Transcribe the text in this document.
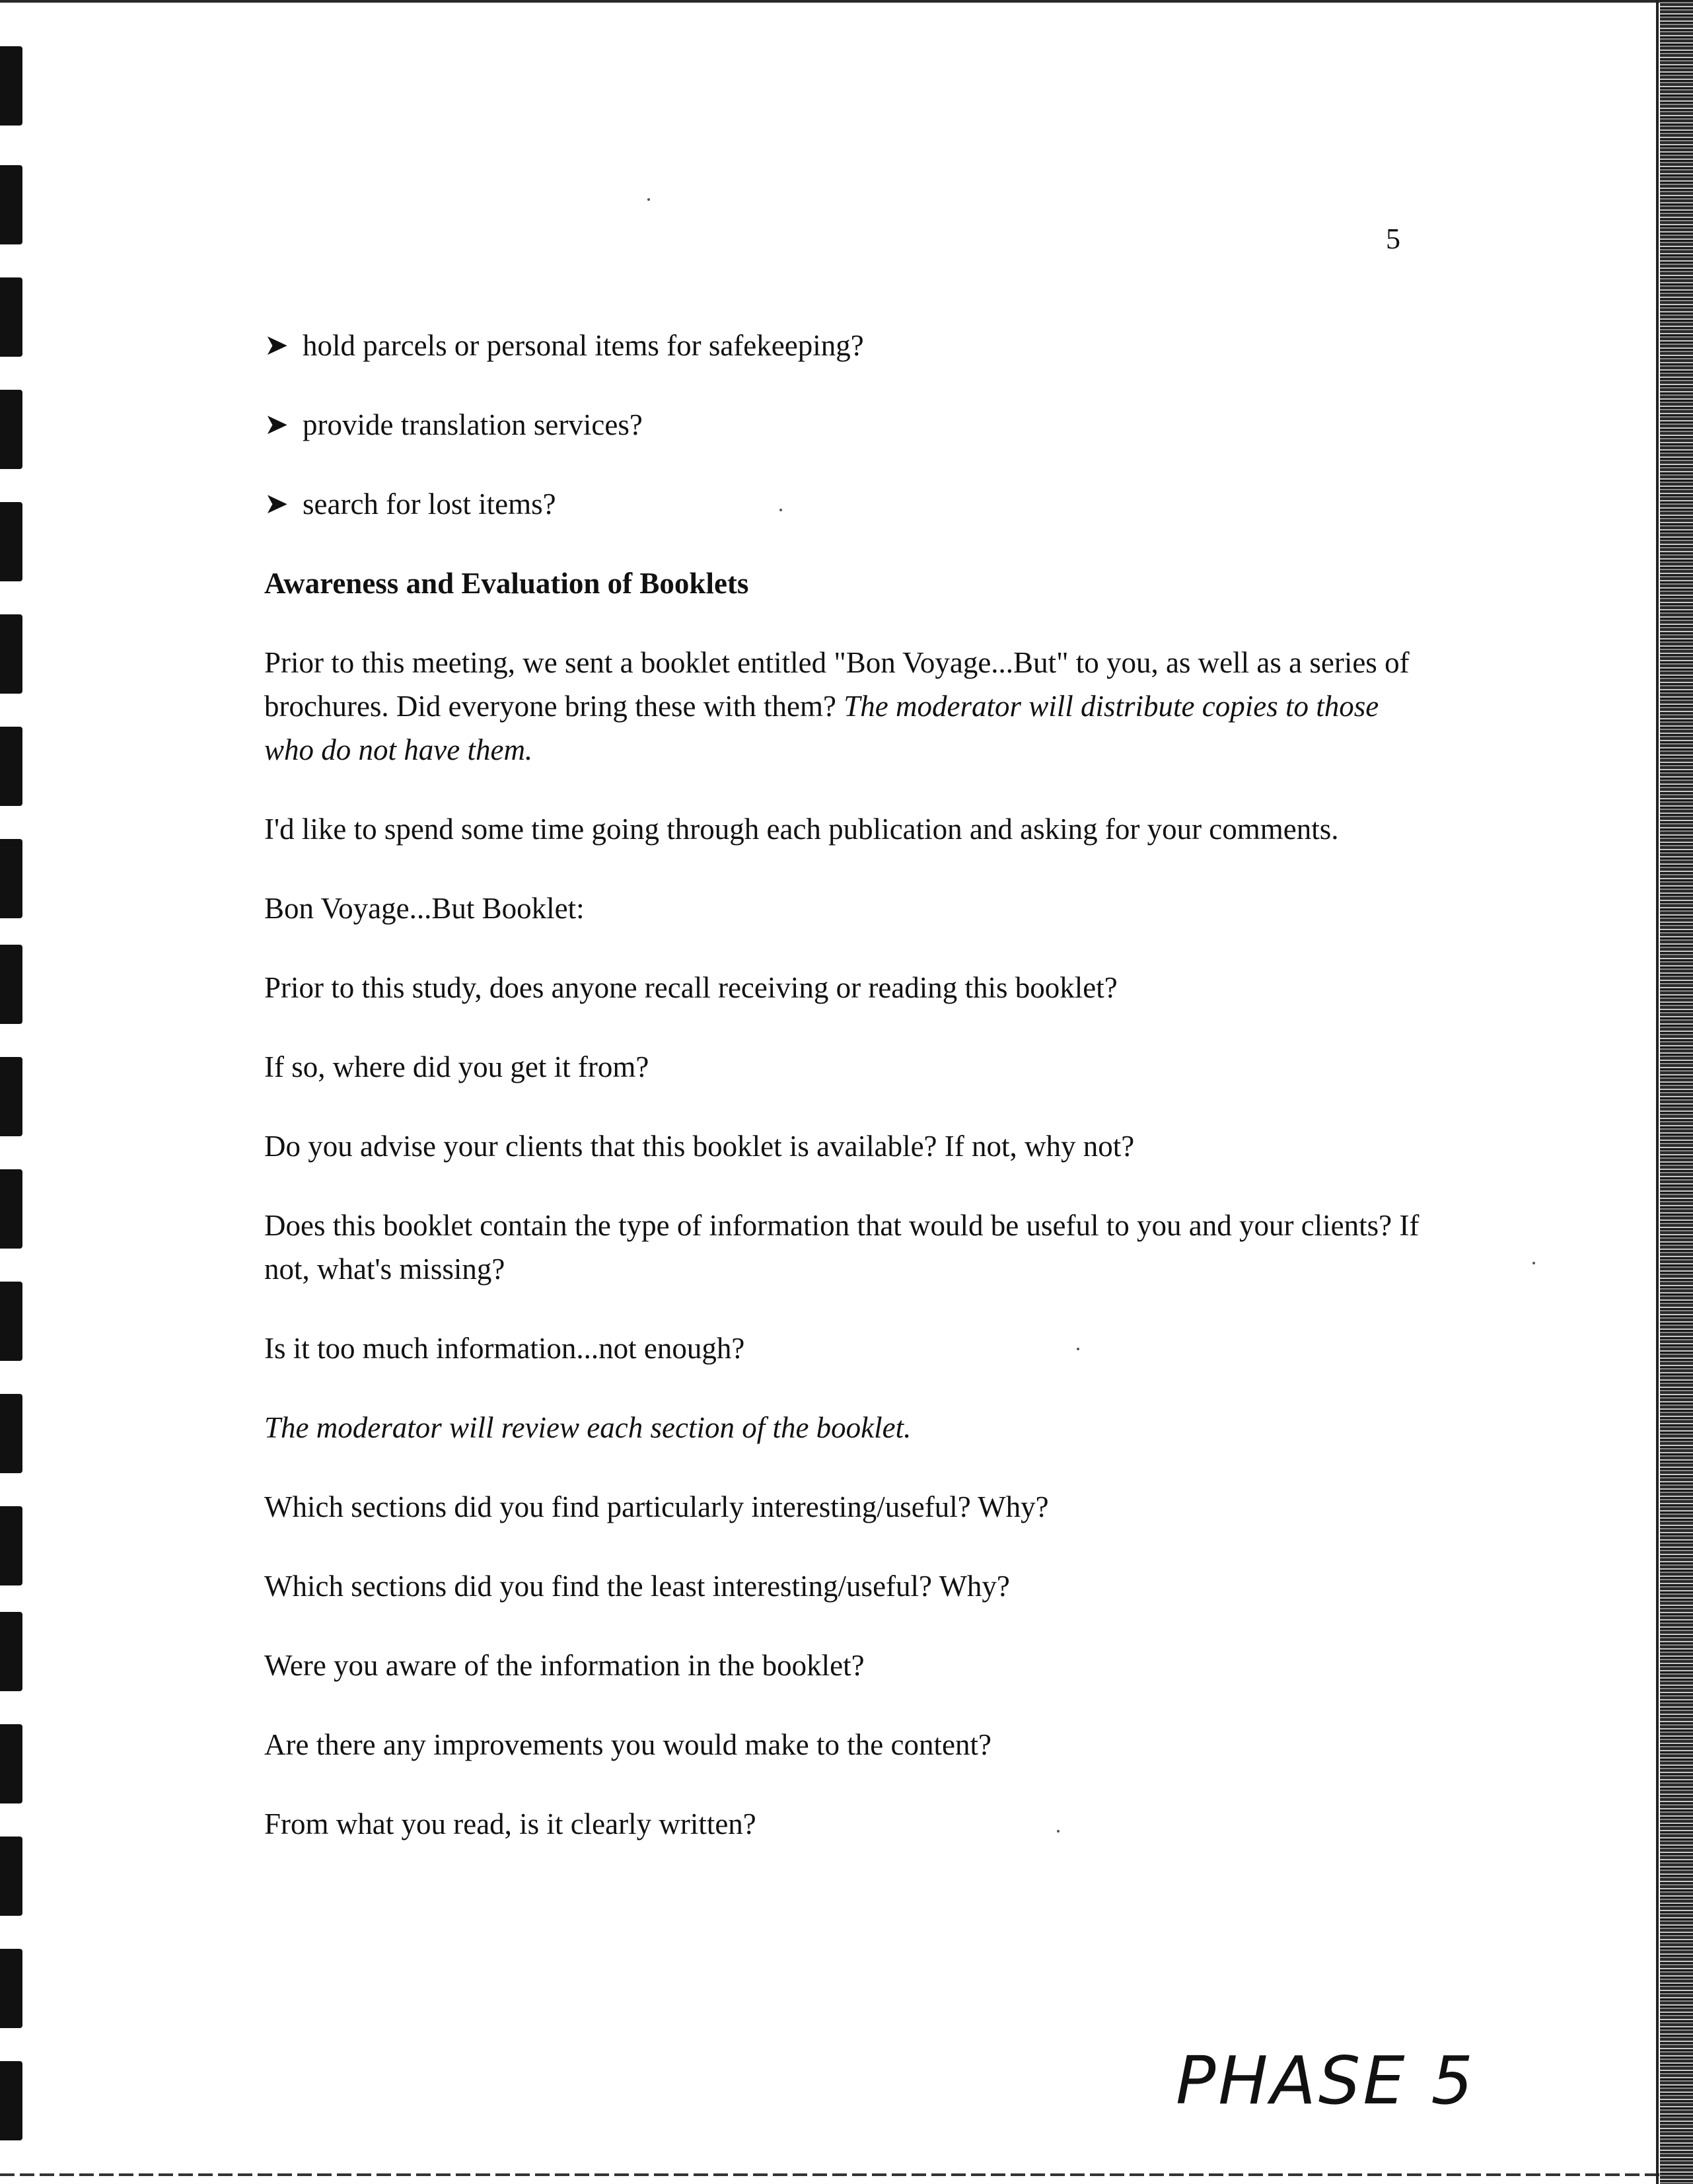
5
➤ hold parcels or personal items for safekeeping?
➤ provide translation services?
➤ search for lost items?
Awareness and Evaluation of Booklets

Prior to this meeting, we sent a booklet entitled "Bon Voyage...But" to you, as well as a series of brochures. Did everyone bring these with them? The moderator will distribute copies to those who do not have them.

I'd like to spend some time going through each publication and asking for your comments.

Bon Voyage...But Booklet:

Prior to this study, does anyone recall receiving or reading this booklet?

If so, where did you get it from?

Do you advise your clients that this booklet is available? If not, why not?

Does this booklet contain the type of information that would be useful to you and your clients? If not, what's missing?

Is it too much information...not enough?

The moderator will review each section of the booklet.

Which sections did you find particularly interesting/useful? Why?

Which sections did you find the least interesting/useful? Why?

Were you aware of the information in the booklet?

Are there any improvements you would make to the content?

From what you read, is it clearly written?

PHASE 5
